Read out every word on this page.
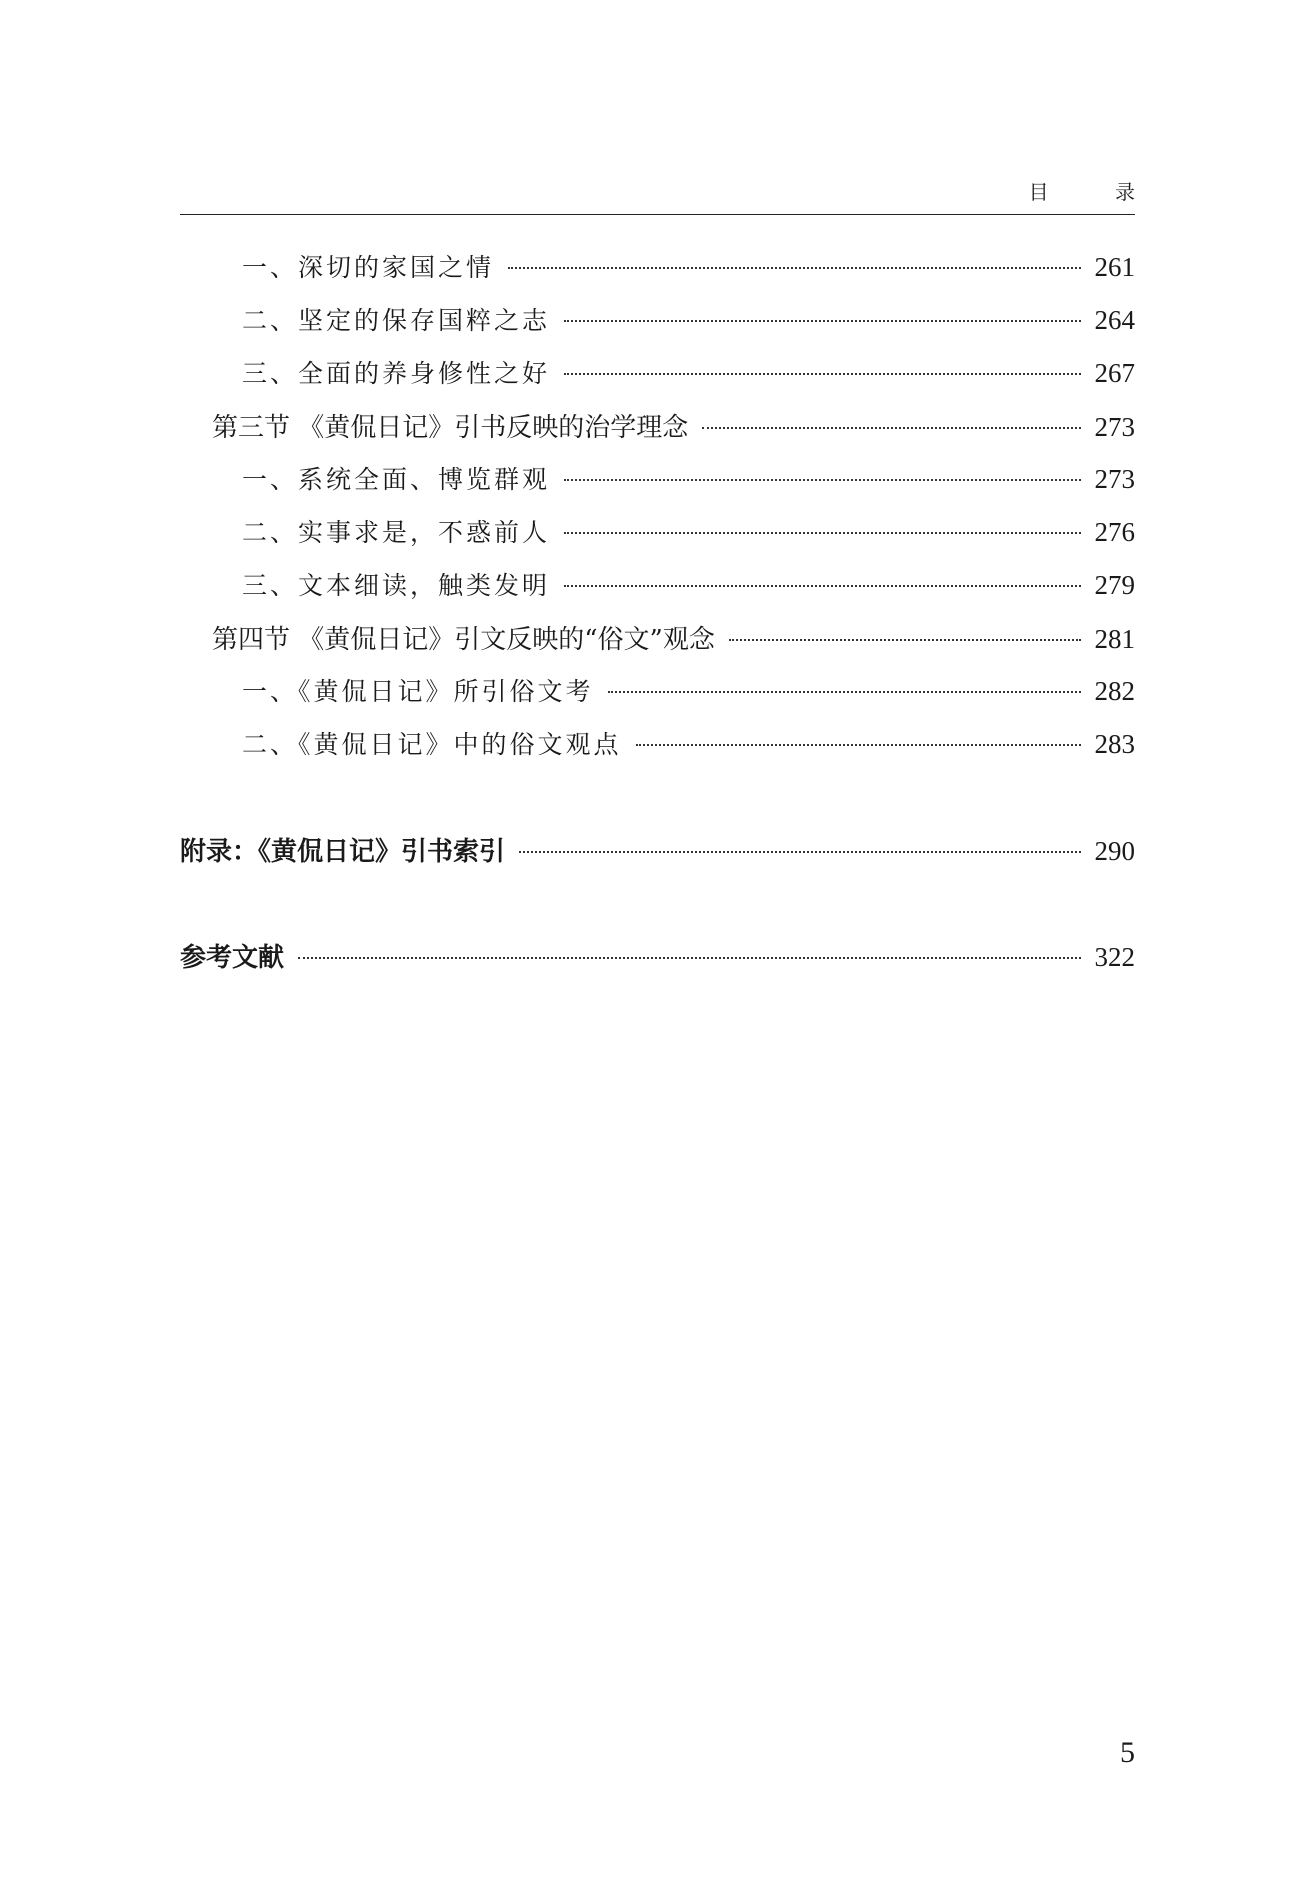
目 录
一、深切的家国之情	261
二、坚定的保存国粹之志	264
三、全面的养身修性之好	267
第三节 《黄侃日记》引书反映的治学理念	273
一、系统全面、博览群观	273
二、实事求是，不惑前人	276
三、文本细读，触类发明	279
第四节 《黄侃日记》引文反映的“俗文”观念	281
一、《黄侃日记》所引俗文考	282
二、《黄侃日记》中的俗文观点	283
附录：《黄侃日记》引书索引	290
参考文献	322
5
